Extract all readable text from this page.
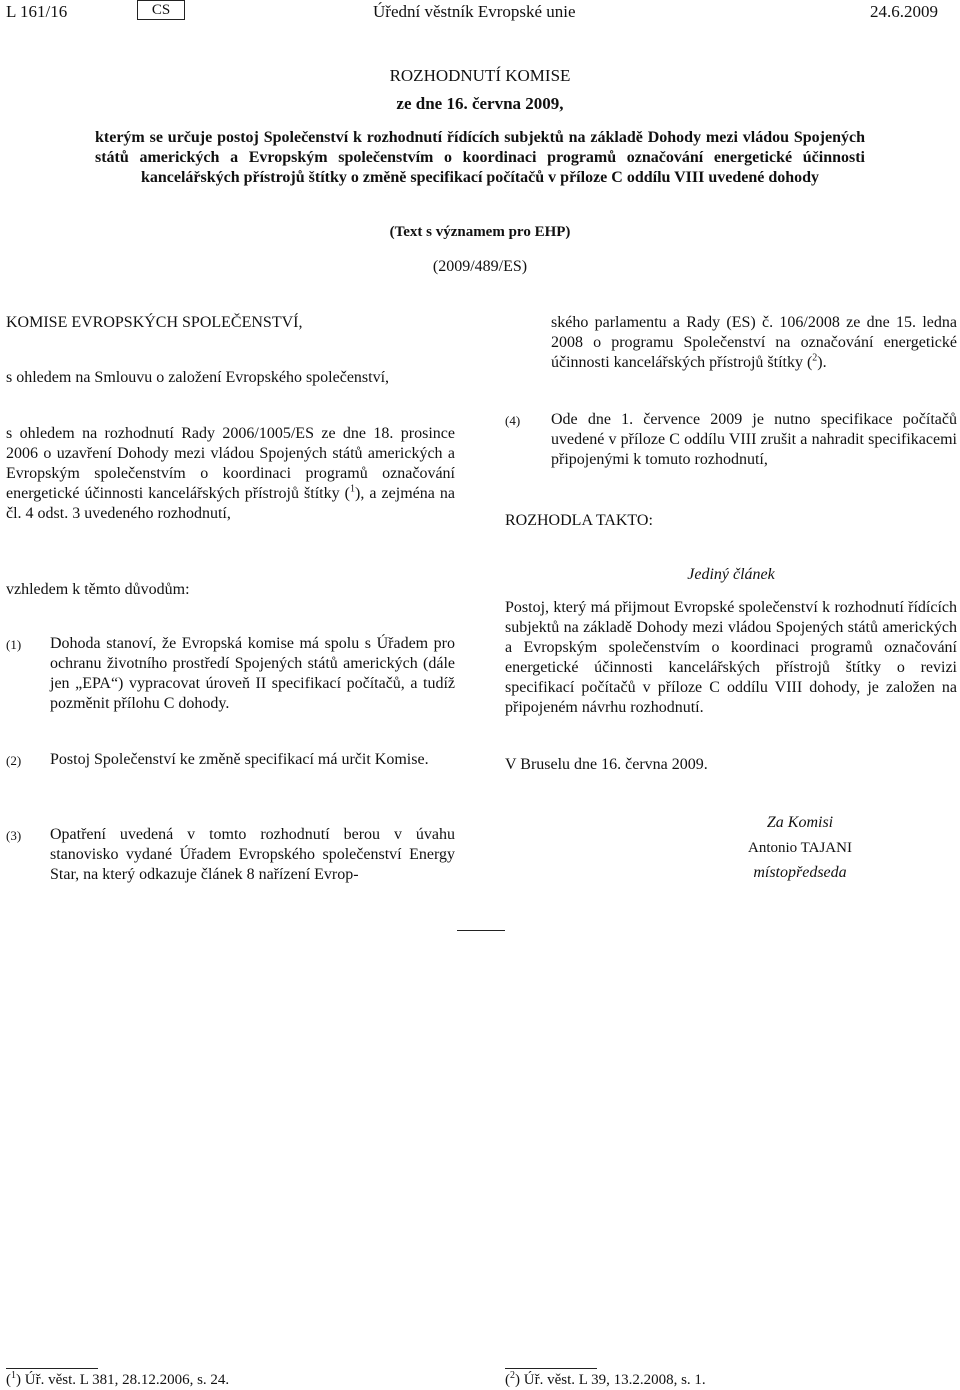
L 161/16	CS	Úřední věstník Evropské unie	24.6.2009
ROZHODNUTÍ KOMISE
ze dne 16. června 2009,
kterým se určuje postoj Společenství k rozhodnutí řídících subjektů na základě Dohody mezi vládou Spojených států amerických a Evropským společenstvím o koordinaci programů označování energetické účinnosti kancelářských přístrojů štítky o změně specifikací počítačů v příloze C oddílu VIII uvedené dohody
(Text s významem pro EHP)
(2009/489/ES)
KOMISE EVROPSKÝCH SPOLEČENSTVÍ,
s ohledem na Smlouvu o založení Evropského společenství,
s ohledem na rozhodnutí Rady 2006/1005/ES ze dne 18. prosince 2006 o uzavření Dohody mezi vládou Spojených států amerických a Evropským společenstvím o koordinaci programů označování energetické účinnosti kancelářských přístrojů štítky ($^1$), a zejména na čl. 4 odst. 3 uvedeného rozhodnutí,
vzhledem k těmto důvodům:
(1) Dohoda stanoví, že Evropská komise má spolu s Úřadem pro ochranu životního prostředí Spojených států amerických (dále jen „EPA“) vypracovat úroveň II specifikací počítačů, a tudíž pozměnit přílohu C dohody.
(2) Postoj Společenství ke změně specifikací má určit Komise.
(3) Opatření uvedená v tomto rozhodnutí berou v úvahu stanovisko vydané Úřadem Evropského společenství Energy Star, na který odkazuje článek 8 nařízení Evrop-
ského parlamentu a Rady (ES) č. 106/2008 ze dne 15. ledna 2008 o programu Společenství na označování energetické účinnosti kancelářských přístrojů štítky ($^2$).
(4) Ode dne 1. července 2009 je nutno specifikace počítačů uvedené v příloze C oddílu VIII zrušit a nahradit specifikacemi připojenými k tomuto rozhodnutí,
ROZHODLA TAKTO:
Jediný článek
Postoj, který má přijmout Evropské společenství k rozhodnutí řídících subjektů na základě Dohody mezi vládou Spojených států amerických a Evropským společenstvím o koordinaci programů označování energetické účinnosti kancelářských přístrojů štítky o revizi specifikací počítačů v příloze C oddílu VIII dohody, je založen na připojeném návrhu rozhodnutí.
V Bruselu dne 16. června 2009.
Za Komisi
Antonio TAJANI
místopředseda
($^1$) Úř. věst. L 381, 28.12.2006, s. 24.	($^2$) Úř. věst. L 39, 13.2.2008, s. 1.
